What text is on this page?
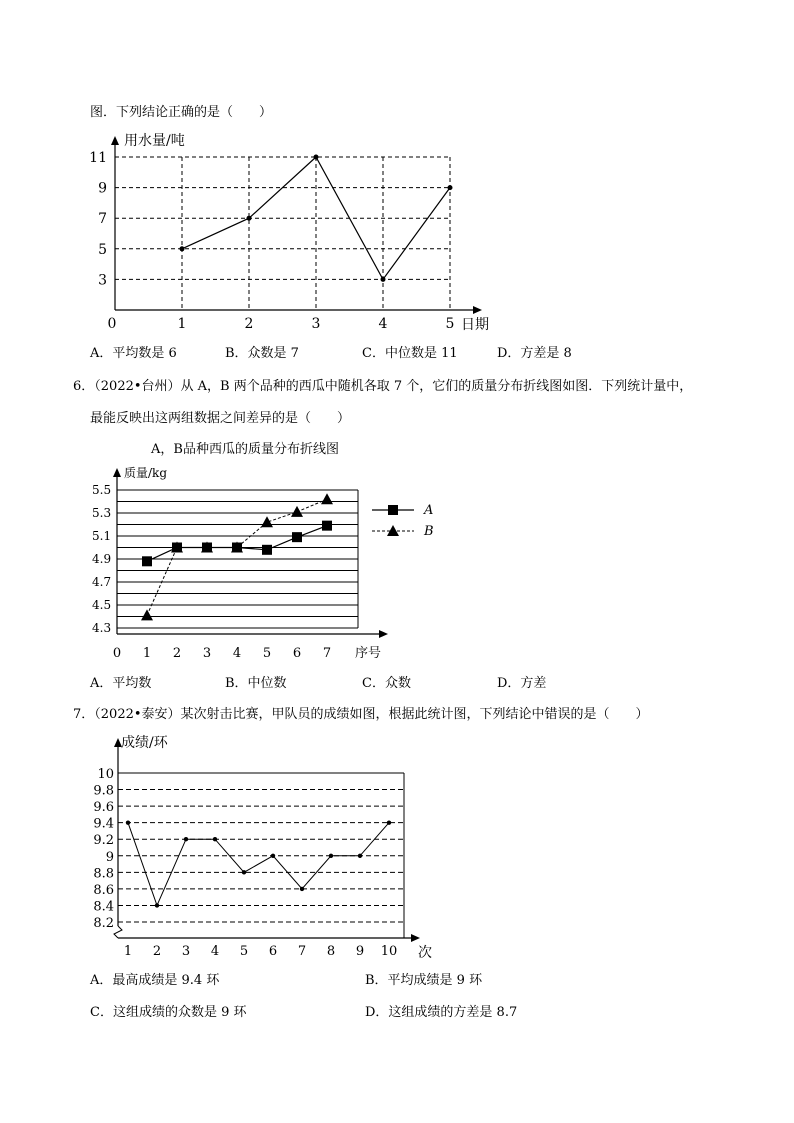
图．下列结论正确的是（　　）
用水量/吨
日期
0
3
5
7
9
11
1	2	3	4	5
A．平均数是 6	B．众数是 7	C．中位数是 11	D．方差是 8
6．（2022•台州）从 A，B 两个品种的西瓜中随机各取 7 个，它们的质量分布折线图如图．下列统计量中，
最能反映出这两组数据之间差异的是（　　）
A，B品种西瓜的质量分布折线图
质量/kg
5.5
5.3
5.1
4.9
4.7
4.5
4.3
0 1 2 3 4 5 6 7 序号
A
B
A．平均数	B．中位数	C．众数	D．方差
7．（2022•泰安）某次射击比赛，甲队员的成绩如图，根据此统计图，下列结论中错误的是（　　）
成绩/环
10
9.8
9.6
9.4
9.2
9
8.8
8.6
8.4
8.2
1 2 3 4 5 6 7 8 9 10 次
A．最高成绩是 9.4 环	B．平均成绩是 9 环
C．这组成绩的众数是 9 环	D．这组成绩的方差是 8.7
